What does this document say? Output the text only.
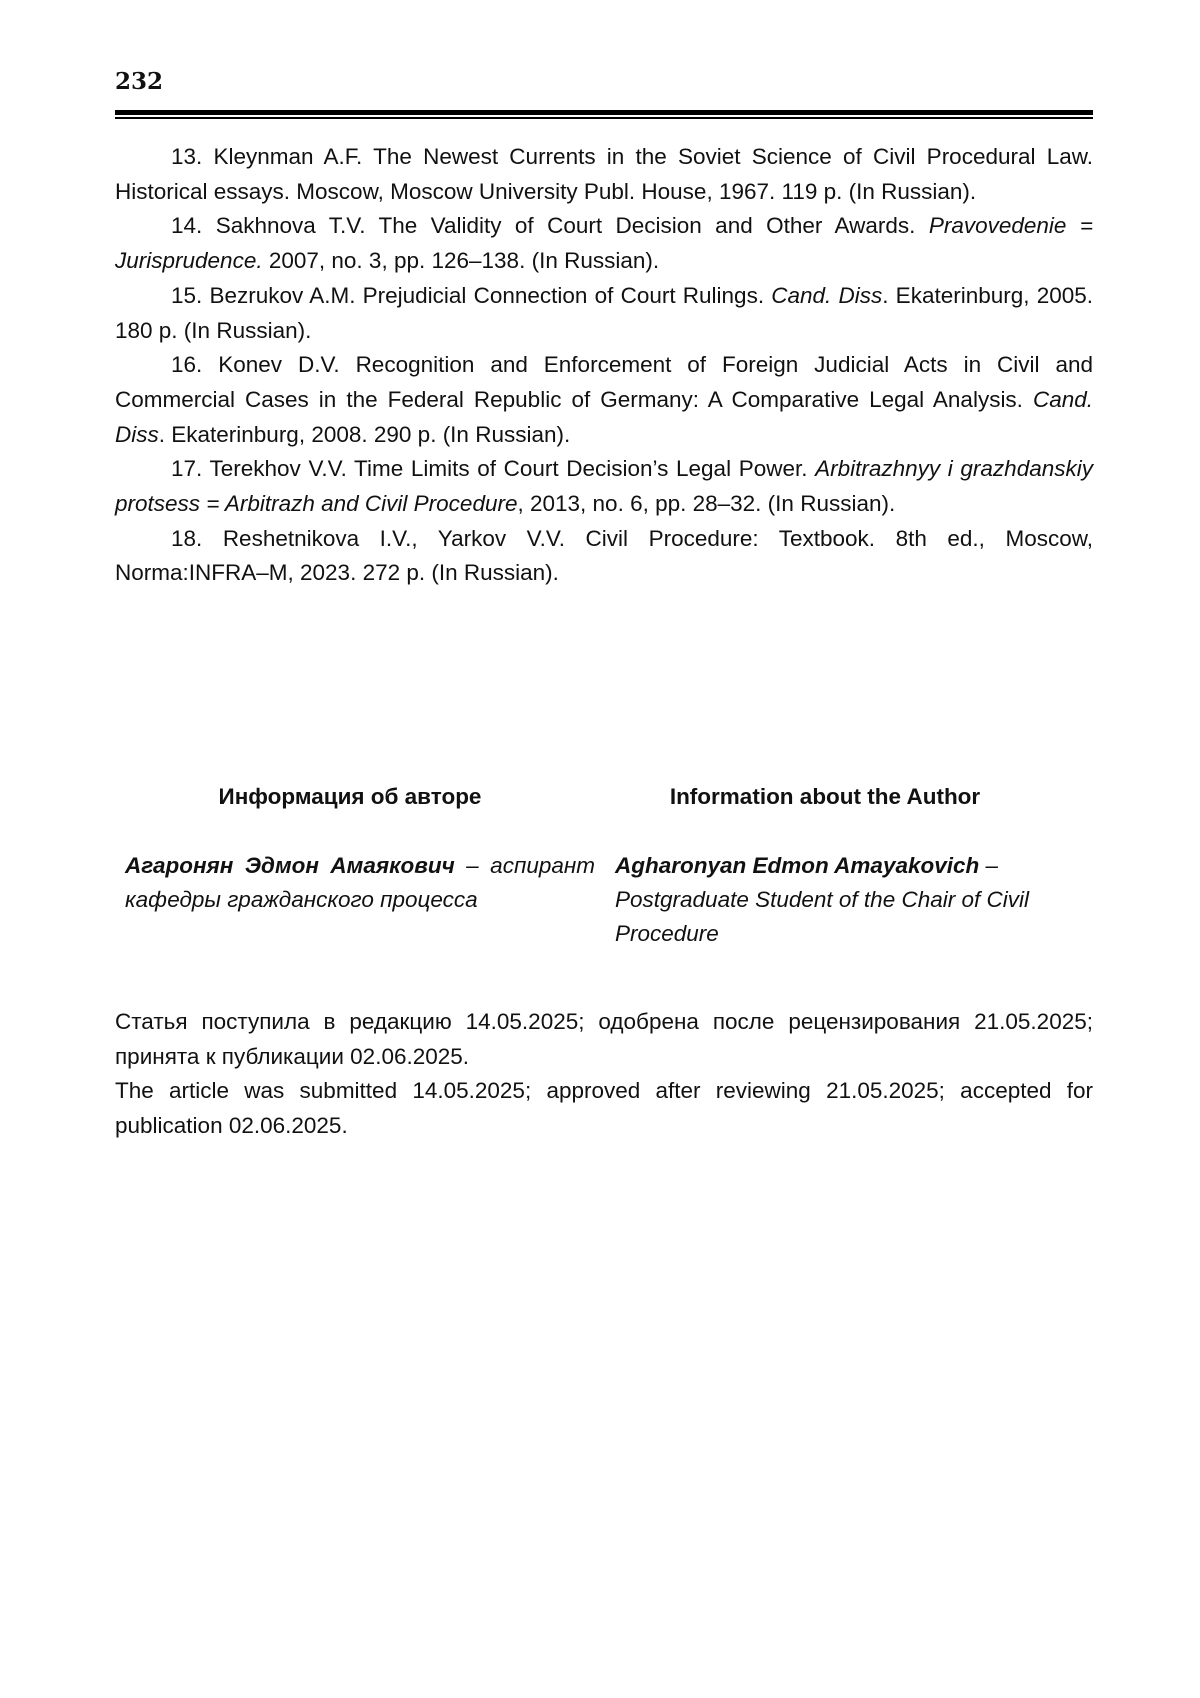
232

13. Kleynman A.F. The Newest Currents in the Soviet Science of Civil Procedural Law. Historical essays. Moscow, Moscow University Publ. House, 1967. 119 p. (In Russian).

14. Sakhnova T.V. The Validity of Court Decision and Other Awards. Pravovedenie = Jurisprudence. 2007, no. 3, pp. 126–138. (In Russian).

15. Bezrukov A.M. Prejudicial Connection of Court Rulings. Cand. Diss. Ekaterinburg, 2005. 180 p. (In Russian).

16. Konev D.V. Recognition and Enforcement of Foreign Judicial Acts in Civil and Commercial Cases in the Federal Republic of Germany: A Comparative Legal Analysis. Cand. Diss. Ekaterinburg, 2008. 290 p. (In Russian).

17. Terekhov V.V. Time Limits of Court Decision’s Legal Power. Arbitrazhnyy i grazhdanskiy protsess = Arbitrazh and Civil Procedure, 2013, no. 6, pp. 28–32. (In Russian).

18. Reshetnikova I.V., Yarkov V.V. Civil Procedure: Textbook. 8th ed., Moscow, Norma:INFRA–M, 2023. 272 p. (In Russian).

Информация об авторе

Агаронян Эдмон Амаякович – аспирант кафедры гражданского процесса

Information about the Author

Agharonyan Edmon Amayakovich – Postgraduate Student of the Chair of Civil Procedure

Статья поступила в редакцию 14.05.2025; одобрена после рецензирования 21.05.2025; принята к публикации 02.06.2025.

The article was submitted 14.05.2025; approved after reviewing 21.05.2025; accepted for publication 02.06.2025.
